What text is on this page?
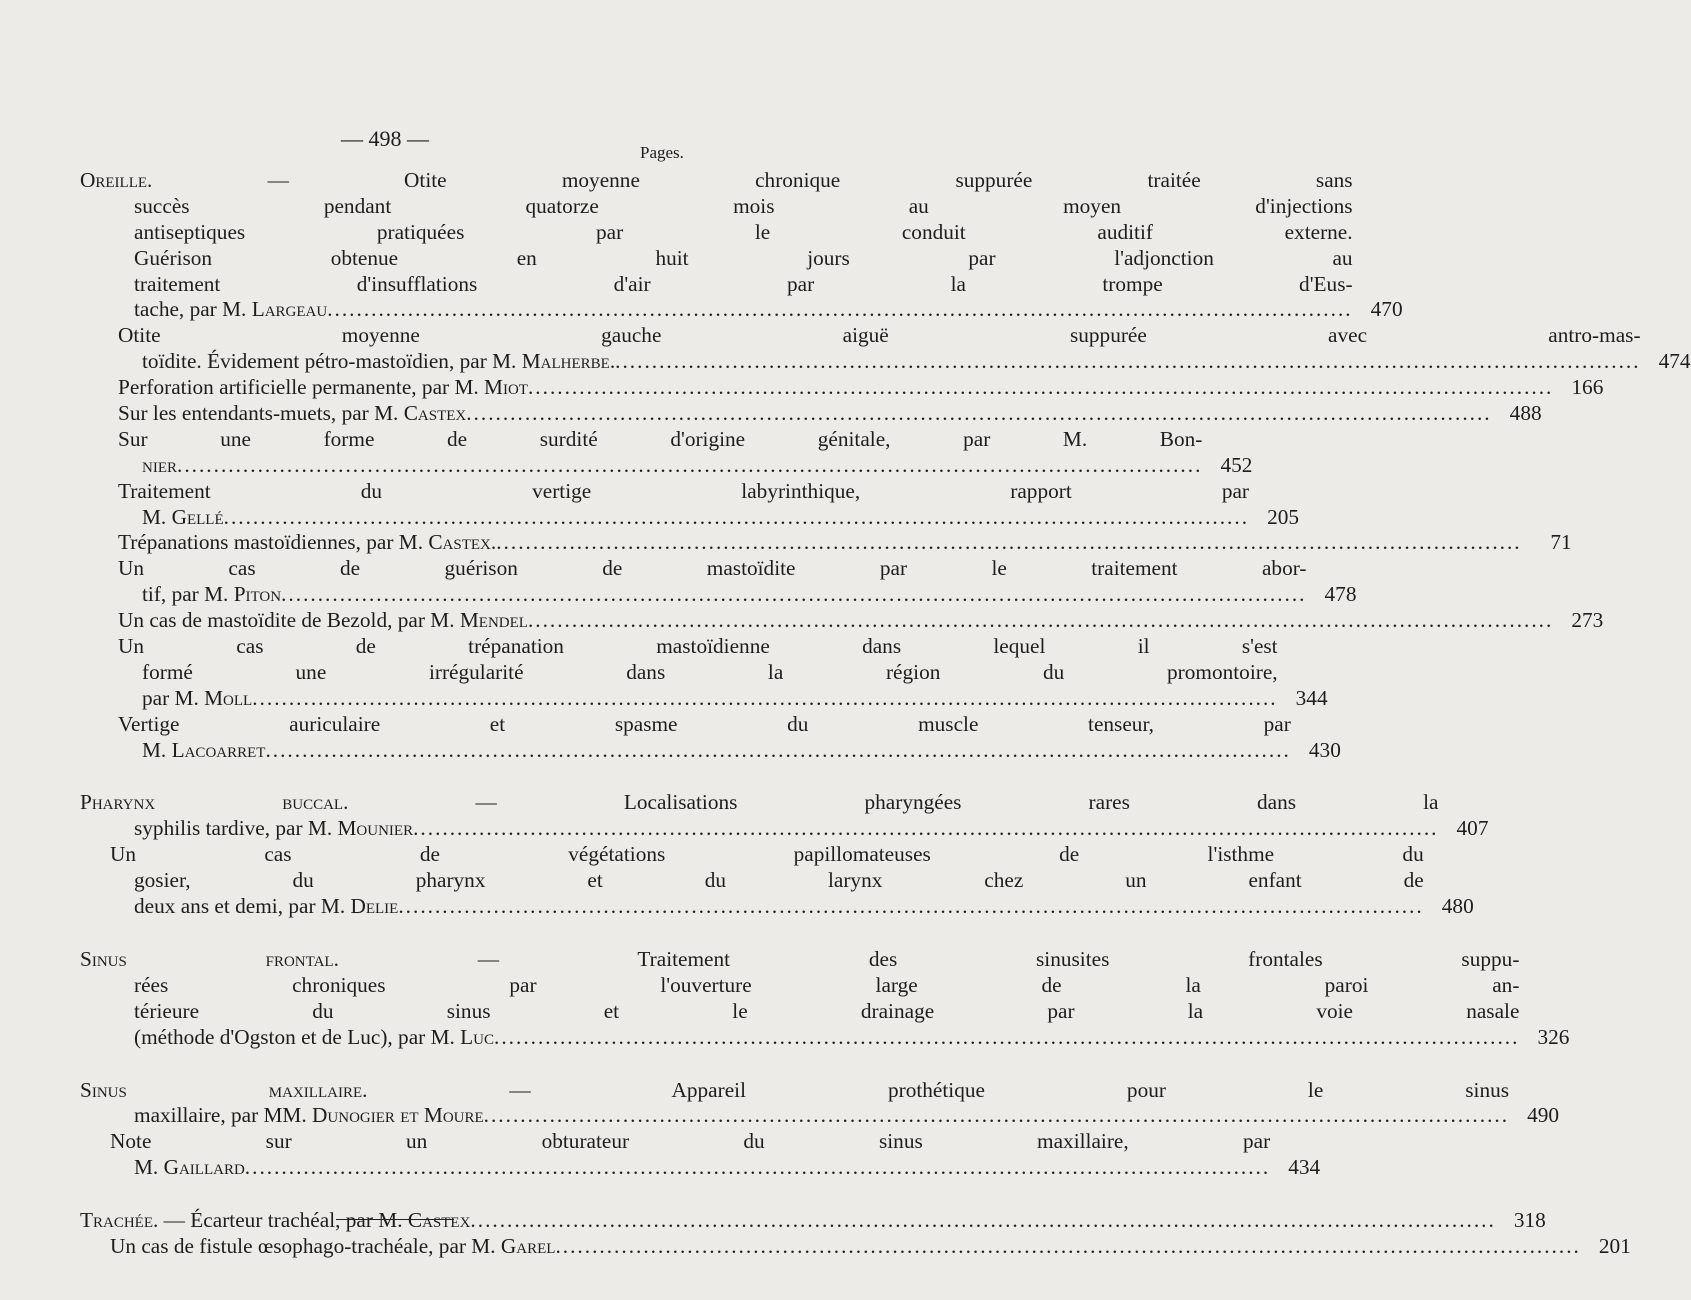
— 498 —
Pages.
Oreille.	— Otite moyenne chronique suppurée traitée sans
succès pendant quatorze mois au moyen d'injections
antiseptiques pratiquées par le conduit auditif externe.
Guérison obtenue en huit jours par l'adjonction au
traitement d'insufflations d'air par la trompe d'Eus-
tache, par M. Largeau .....	470
Otite moyenne gauche aiguë suppurée avec antro-mas-
toïdite. Évidement pétro-mastoïdien, par M. Malherbe. .....	474
Perforation artificielle permanente, par M. Miot .....	166
Sur les entendants-muets, par M. Castex .....	488
Sur une forme de surdité d'origine génitale, par M. Bon-
nier .....	452
Traitement du vertige labyrinthique, rapport par
M. Gellé .....	205
Trépanations mastoïdiennes, par M. Castex. .....	71
Un cas de guérison de mastoïdite par le traitement abor-
tif, par M. Piton .....	478
Un cas de mastoïdite de Bezold, par M. Mendel .....	273
Un cas de trépanation mastoïdienne dans lequel il s'est
formé une irrégularité dans la région du promontoire,
par M. Moll .....	344
Vertige auriculaire et spasme du muscle tenseur, par
M. Lacoarret .....	430
Pharynx buccal.	— Localisations pharyngées rares dans la
syphilis tardive, par M. Mounier .....	407
Un cas de végétations papillomateuses de l'isthme du
gosier, du pharynx et du larynx chez un enfant de
deux ans et demi, par M. Delie .....	480
Sinus frontal.	— Traitement des sinusites frontales suppu-
rées chroniques par l'ouverture large de la paroi an-
térieure du sinus et le drainage par la voie nasale
(méthode d'Ogston et de Luc), par M. Luc .....	326
Sinus maxillaire.	— Appareil prothétique pour le sinus
maxillaire, par MM. Dunogier et Moure .....	490
Note sur un obturateur du sinus maxillaire, par
M. Gaillard .....	434
Trachée.
— Écarteur trachéal, par M. Castex .....	318
Un cas de fistule œsophago-trachéale, par M. Garel .....	201
